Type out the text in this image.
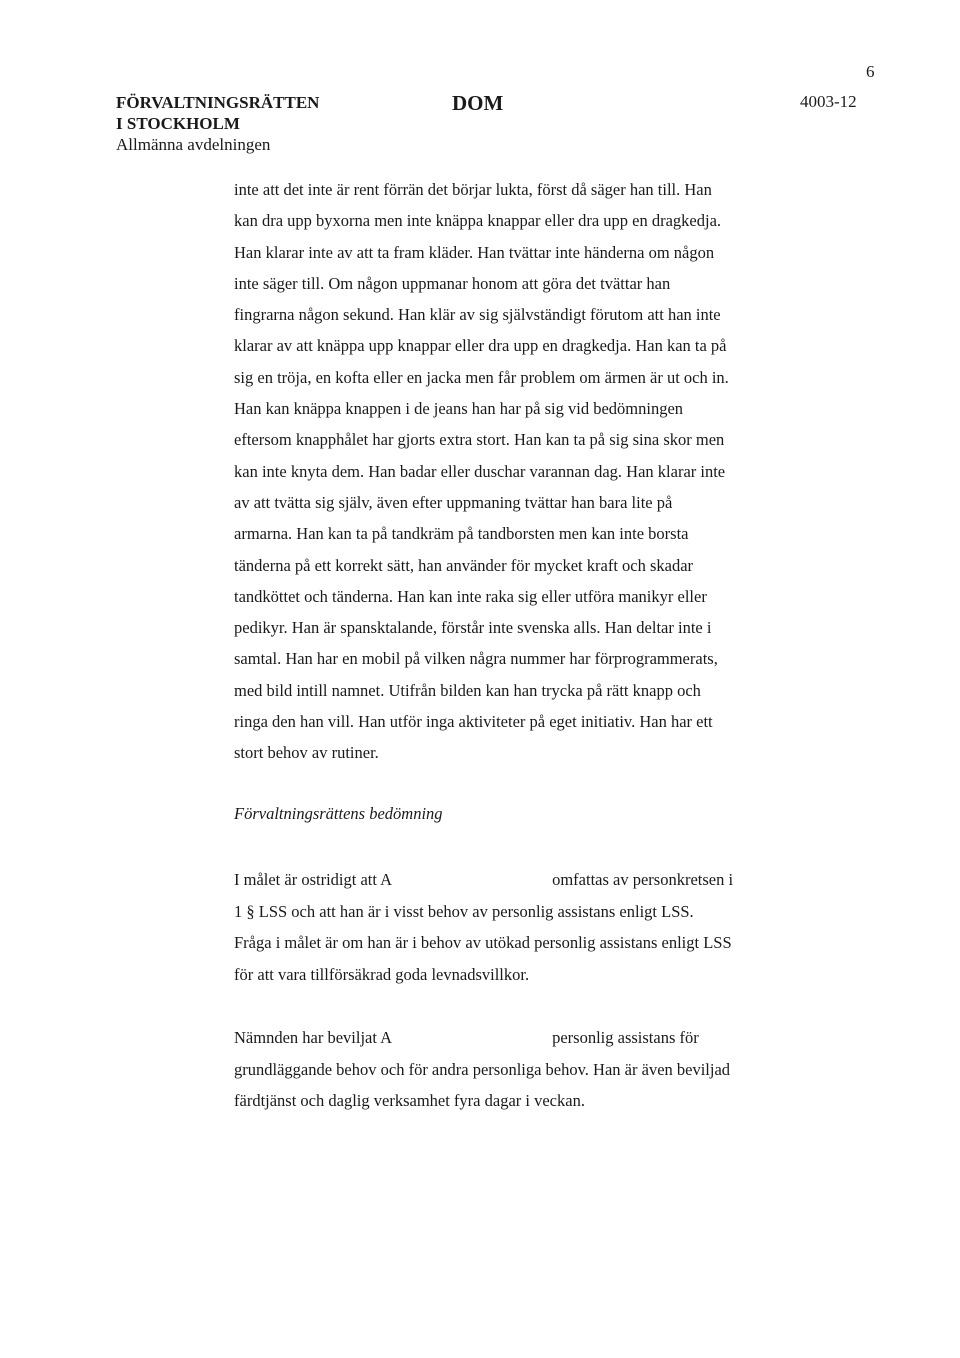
6
FÖRVALTNINGSRÄTTEN
I STOCKHOLM
Allmänna avdelningen
DOM	4003-12
inte att det inte är rent förrän det börjar lukta, först då säger han till. Han
kan dra upp byxorna men inte knäppa knappar eller dra upp en dragkedja.
Han klarar inte av att ta fram kläder. Han tvättar inte händerna om någon
inte säger till. Om någon uppmanar honom att göra det tvättar han
fingrarna någon sekund. Han klär av sig självständigt förutom att han inte
klarar av att knäppa upp knappar eller dra upp en dragkedja. Han kan ta på
sig en tröja, en kofta eller en jacka men får problem om ärmen är ut och in.
Han kan knäppa knappen i de jeans han har på sig vid bedömningen
eftersom knapphålet har gjorts extra stort. Han kan ta på sig sina skor men
kan inte knyta dem. Han badar eller duschar varannan dag. Han klarar inte
av att tvätta sig själv, även efter uppmaning tvättar han bara lite på
armarna. Han kan ta på tandkräm på tandborsten men kan inte borsta
tänderna på ett korrekt sätt, han använder för mycket kraft och skadar
tandköttet och tänderna. Han kan inte raka sig eller utföra manikyr eller
pedikyr. Han är spansktalande, förstår inte svenska alls. Han deltar inte i
samtal. Han har en mobil på vilken några nummer har förprogrammerats,
med bild intill namnet. Utifrån bilden kan han trycka på rätt knapp och
ringa den han vill. Han utför inga aktiviteter på eget initiativ. Han har ett
stort behov av rutiner.
Förvaltningsrättens bedömning
I målet är ostridigt att A	omfattas av personkretsen i
1 § LSS och att han är i visst behov av personlig assistans enligt LSS.
Fråga i målet är om han är i behov av utökad personlig assistans enligt LSS
för att vara tillförsäkrad goda levnadsvillkor.
Nämnden har beviljat A	personlig assistans för
grundläggande behov och för andra personliga behov. Han är även beviljad
färdtjänst och daglig verksamhet fyra dagar i veckan.
